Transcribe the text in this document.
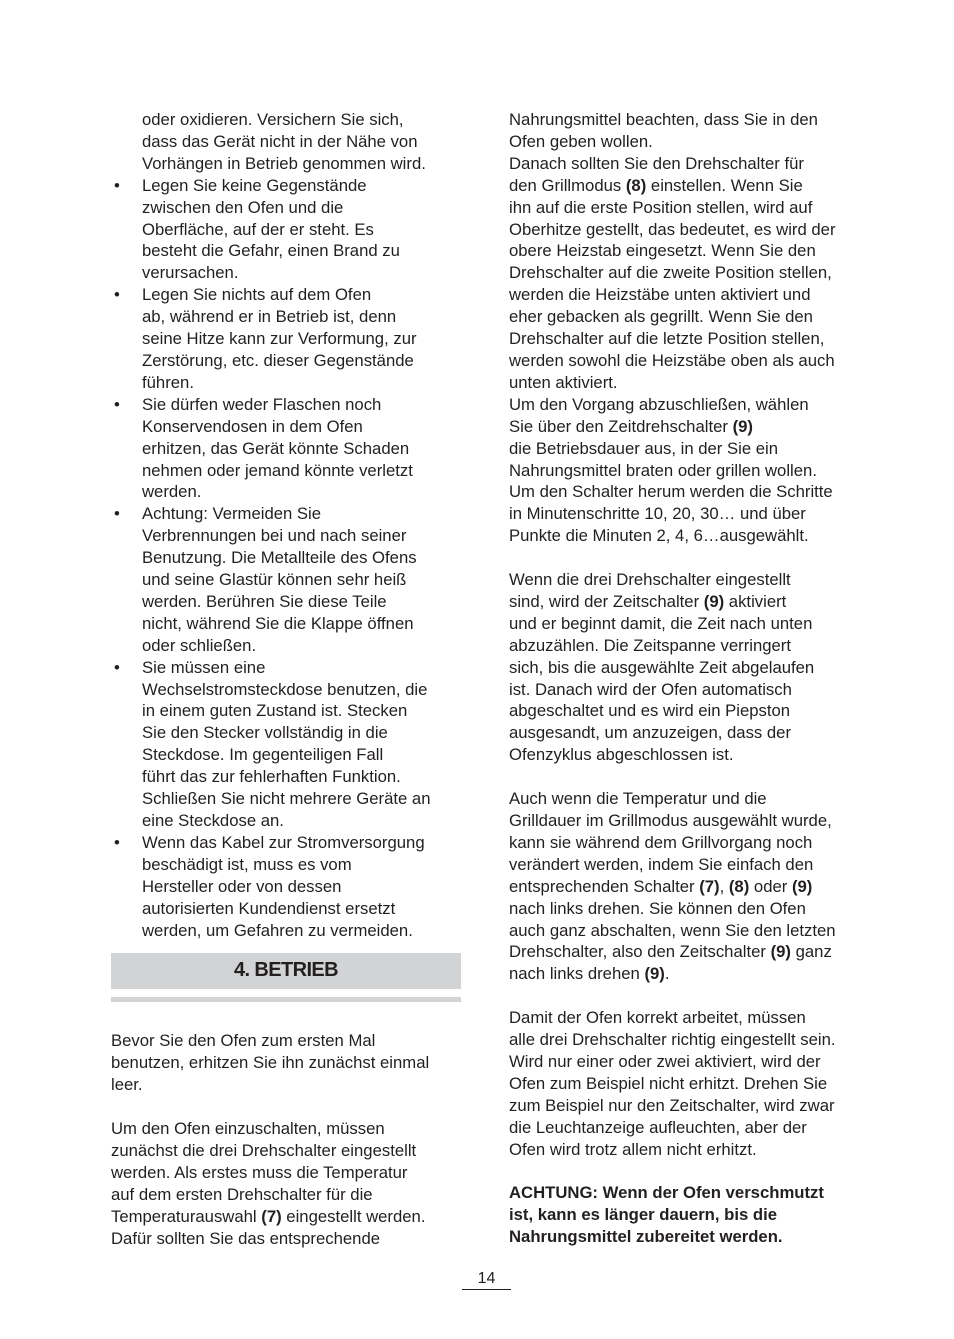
oder oxidieren. Versichern Sie sich,
dass das Gerät nicht in der Nähe von
Vorhängen in Betrieb genommen wird.
• Legen Sie keine Gegenstände
zwischen den Ofen und die
Oberfläche, auf der er steht. Es
besteht die Gefahr, einen Brand zu
verursachen.
• Legen Sie nichts auf dem Ofen
ab, während er in Betrieb ist, denn
seine Hitze kann zur Verformung, zur
Zerstörung, etc. dieser Gegenstände
führen.
• Sie dürfen weder Flaschen noch
Konservendosen in dem Ofen
erhitzen, das Gerät könnte Schaden
nehmen oder jemand könnte verletzt
werden.
• Achtung: Vermeiden Sie
Verbrennungen bei und nach seiner
Benutzung. Die Metallteile des Ofens
und seine Glastür können sehr heiß
werden. Berühren Sie diese Teile
nicht, während Sie die Klappe öffnen
oder schließen.
• Sie müssen eine
Wechselstromsteckdose benutzen, die
in einem guten Zustand ist. Stecken
Sie den Stecker vollständig in die
Steckdose. Im gegenteiligen Fall
führt das zur fehlerhaften Funktion.
Schließen Sie nicht mehrere Geräte an
eine Steckdose an.
• Wenn das Kabel zur Stromversorgung
beschädigt ist, muss es vom
Hersteller oder von dessen
autorisierten Kundendienst ersetzt
werden, um Gefahren zu vermeiden.
4. BETRIEB
Bevor Sie den Ofen zum ersten Mal
benutzen, erhitzen Sie ihn zunächst einmal
leer.
Um den Ofen einzuschalten, müssen
zunächst die drei Drehschalter eingestellt
werden. Als erstes muss die Temperatur
auf dem ersten Drehschalter für die
Temperaturauswahl (7) eingestellt werden.
Dafür sollten Sie das entsprechende
Nahrungsmittel beachten, dass Sie in den
Ofen geben wollen.
Danach sollten Sie den Drehschalter für
den Grillmodus (8) einstellen. Wenn Sie
ihn auf die erste Position stellen, wird auf
Oberhitze gestellt, das bedeutet, es wird der
obere Heizstab eingesetzt. Wenn Sie den
Drehschalter auf die zweite Position stellen,
werden die Heizstäbe unten aktiviert und
eher gebacken als gegrillt. Wenn Sie den
Drehschalter auf die letzte Position stellen,
werden sowohl die Heizstäbe oben als auch
unten aktiviert.
Um den Vorgang abzuschließen, wählen
Sie über den Zeitdrehschalter (9)
die Betriebsdauer aus, in der Sie ein
Nahrungsmittel braten oder grillen wollen.
Um den Schalter herum werden die Schritte
in Minutenschritte 10, 20, 30… und über
Punkte die Minuten 2, 4, 6…ausgewählt.
Wenn die drei Drehschalter eingestellt
sind, wird der Zeitschalter (9) aktiviert
und er beginnt damit, die Zeit nach unten
abzuzählen. Die Zeitspanne verringert
sich, bis die ausgewählte Zeit abgelaufen
ist. Danach wird der Ofen automatisch
abgeschaltet und es wird ein Piepston
ausgesandt, um anzuzeigen, dass der
Ofenzyklus abgeschlossen ist.
Auch wenn die Temperatur und die
Grilldauer im Grillmodus ausgewählt wurde,
kann sie während dem Grillvorgang noch
verändert werden, indem Sie einfach den
entsprechenden Schalter (7), (8) oder (9)
nach links drehen. Sie können den Ofen
auch ganz abschalten, wenn Sie den letzten
Drehschalter, also den Zeitschalter (9) ganz
nach links drehen (9).
Damit der Ofen korrekt arbeitet, müssen
alle drei Drehschalter richtig eingestellt sein.
Wird nur einer oder zwei aktiviert, wird der
Ofen zum Beispiel nicht erhitzt. Drehen Sie
zum Beispiel nur den Zeitschalter, wird zwar
die Leuchtanzeige aufleuchten, aber der
Ofen wird trotz allem nicht erhitzt.
ACHTUNG: Wenn der Ofen verschmutzt
ist, kann es länger dauern, bis die
Nahrungsmittel zubereitet werden.
14
